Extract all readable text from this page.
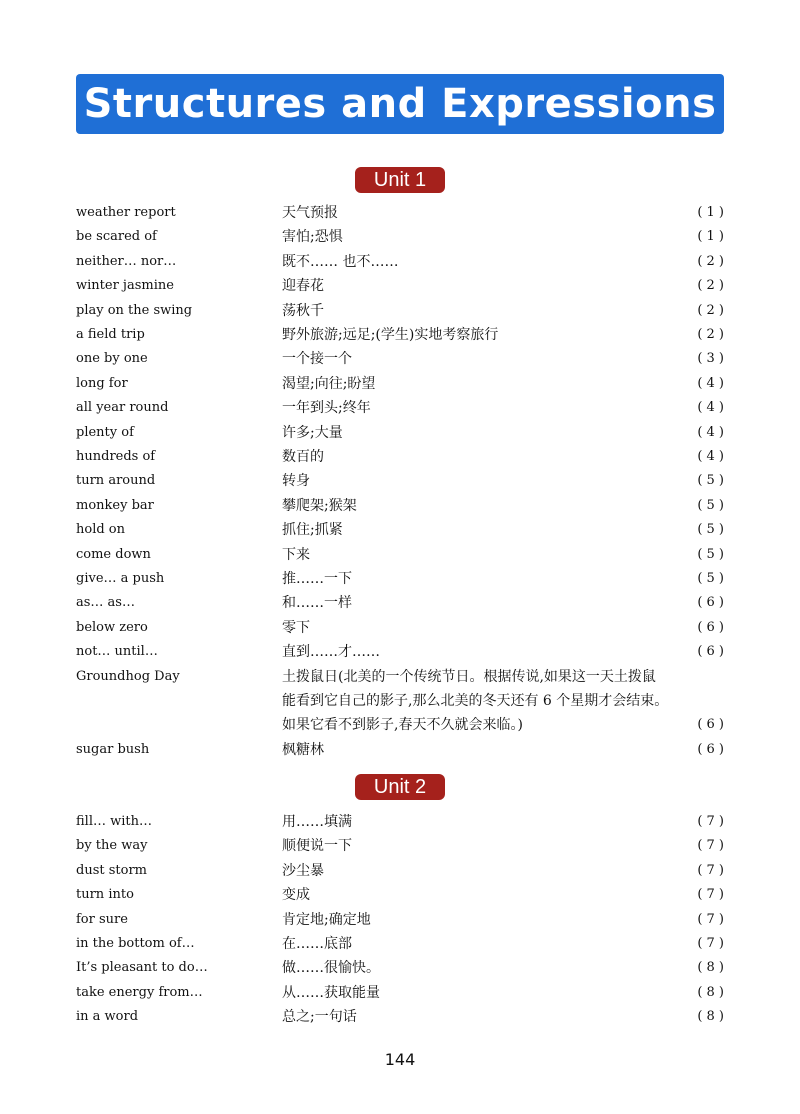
Structures and Expressions
Unit 1
weather report	天气预报	( 1 )
be scared of	害怕;恐惧	( 1 )
neither… nor…	既不…… 也不……	( 2 )
winter jasmine	迎春花	( 2 )
play on the swing	荡秋千	( 2 )
a field trip	野外旅游;远足;(学生)实地考察旅行	( 2 )
one by one	一个接一个	( 3 )
long for	渴望;向往;盼望	( 4 )
all year round	一年到头;终年	( 4 )
plenty of	许多;大量	( 4 )
hundreds of	数百的	( 4 )
turn around	转身	( 5 )
monkey bar	攀爬架;猴架	( 5 )
hold on	抓住;抓紧	( 5 )
come down	下来	( 5 )
give… a push	推……一下	( 5 )
as… as…	和……一样	( 6 )
below zero	零下	( 6 )
not… until…	直到……才……	( 6 )
Groundhog Day	土拨鼠日(北美的一个传统节日。根据传说,如果这一天土拨鼠
能看到它自己的影子,那么北美的冬天还有 6 个星期才会结束。
如果它看不到影子,春天不久就会来临。)	( 6 )
sugar bush	枫糖林	( 6 )
Unit 2
fill… with…	用……填满	( 7 )
by the way	顺便说一下	( 7 )
dust storm	沙尘暴	( 7 )
turn into	变成	( 7 )
for sure	肯定地;确定地	( 7 )
in the bottom of…	在……底部	( 7 )
It’s pleasant to do…	做……很愉快。	( 8 )
take energy from…	从……获取能量	( 8 )
in a word	总之;一句话	( 8 )
144
